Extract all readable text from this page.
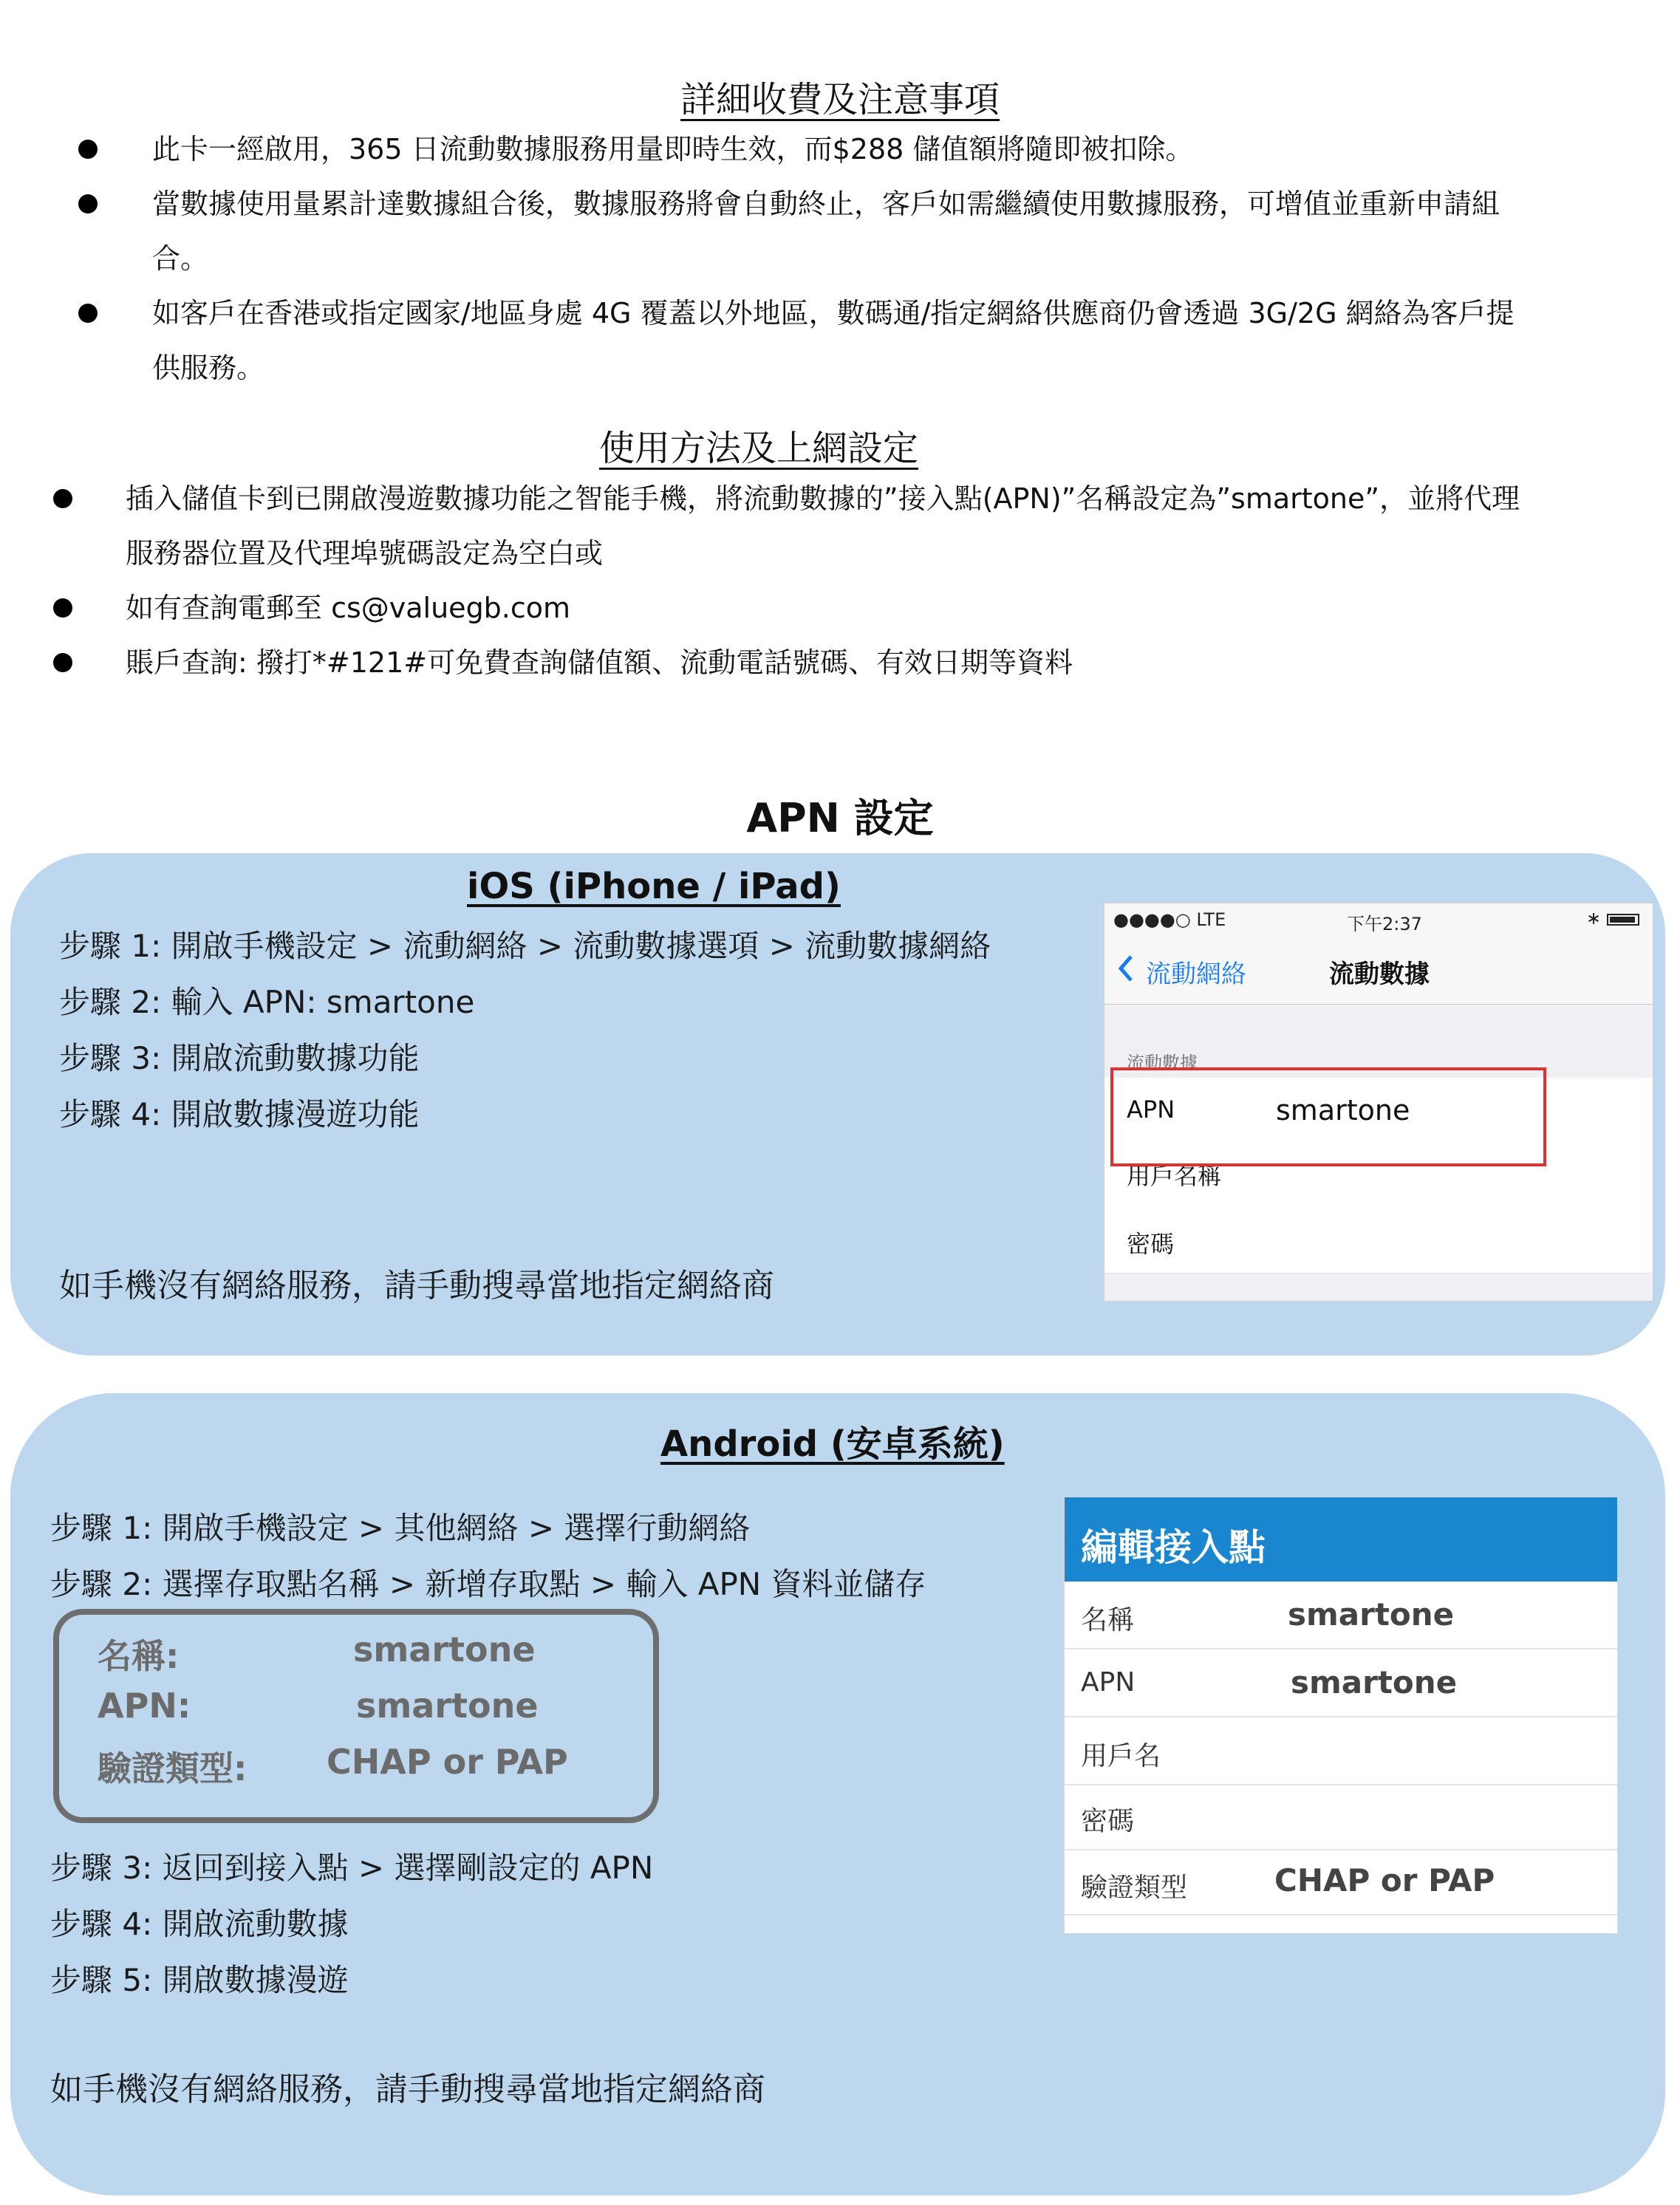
詳細收費及注意事項
此卡一經啟用，365 日流動數據服務用量即時生效，而$288 儲值額將隨即被扣除。
當數據使用量累計達數據組合後，數據服務將會自動終止，客戶如需繼續使用數據服務，可增值並重新申請組
合。
如客戶在香港或指定國家/地區身處 4G 覆蓋以外地區，數碼通/指定網絡供應商仍會透過 3G/2G 網絡為客戶提
供服務。
使用方法及上網設定
插入儲值卡到已開啟漫遊數據功能之智能手機，將流動數據的”接入點(APN)”名稱設定為”smartone”，並將代理
服務器位置及代理埠號碼設定為空白或
如有查詢電郵至 cs@valuegb.com
賬戶查詢: 撥打*#121#可免費查詢儲值額、流動電話號碼、有效日期等資料
APN 設定
iOS (iPhone / iPad)
步驟 1: 開啟手機設定 > 流動網絡 > 流動數據選項 > 流動數據網絡
步驟 2: 輸入 APN: smartone
步驟 3: 開啟流動數據功能
步驟 4: 開啟數據漫遊功能
如手機沒有網絡服務，請手動搜尋當地指定網絡商
●●●●○ LTE	下午2:37	∗
流動網絡	流動數據
流動數據
APN	smartone
用戶名稱
密碼
Android (安卓系統)
步驟 1: 開啟手機設定 > 其他網絡 > 選擇行動網絡
步驟 2: 選擇存取點名稱 > 新增存取點 > 輸入 APN 資料並儲存
名稱:	smartone
APN:	smartone
驗證類型: CHAP or PAP
步驟 3: 返回到接入點 > 選擇剛設定的 APN
步驟 4: 開啟流動數據
步驟 5: 開啟數據漫遊
如手機沒有網絡服務，請手動搜尋當地指定網絡商
編輯接入點
名稱	smartone
APN	smartone
用戶名
密碼
驗證類型	CHAP or PAP
